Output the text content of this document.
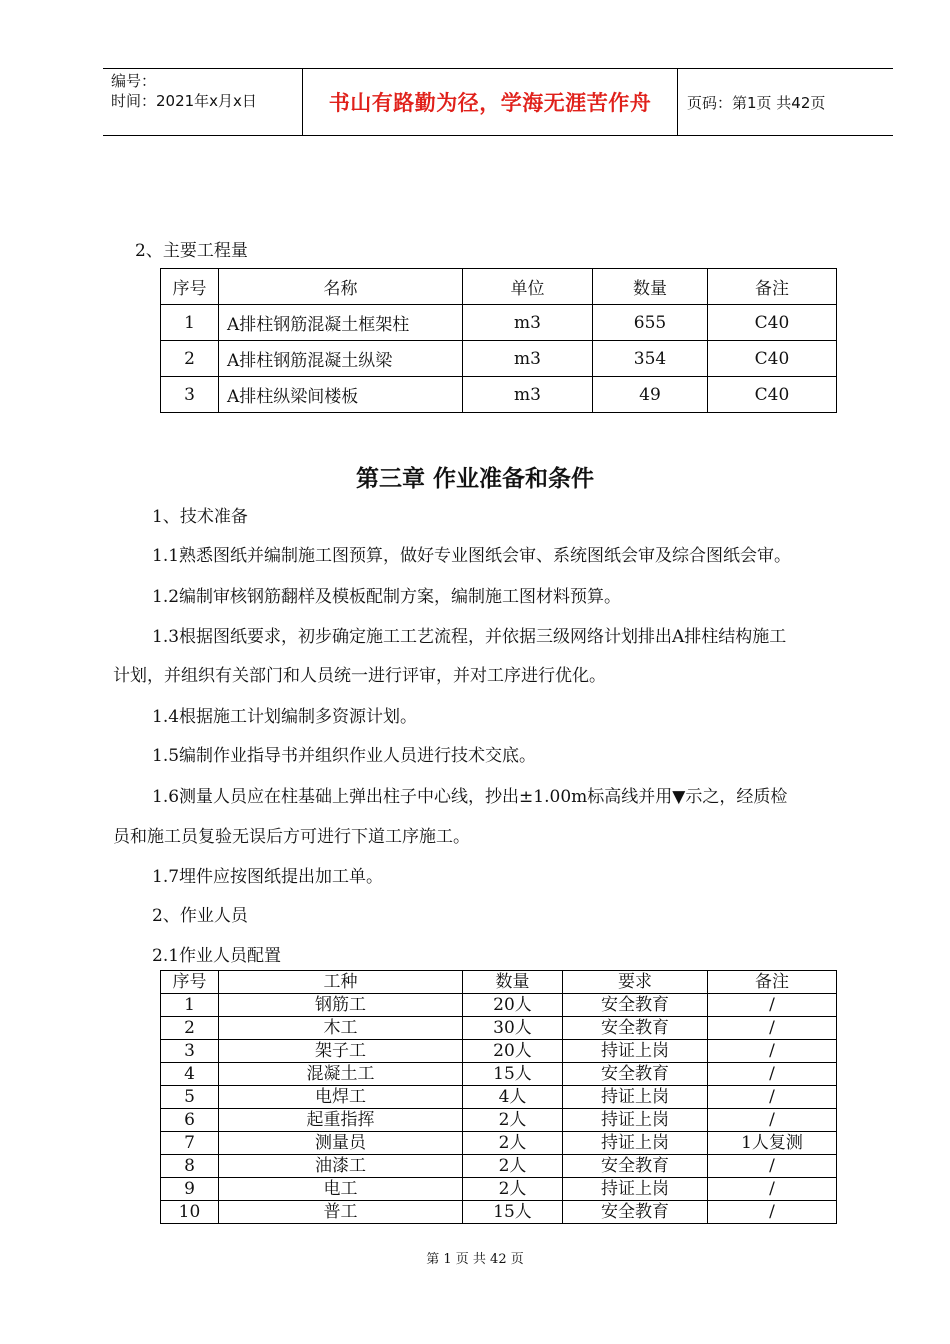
编号：
时间：2021年x月x日	书山有路勤为径，学海无涯苦作舟	页码：第1页 共42页
2、主要工程量
序号	名称	单位	数量	备注
1	A排柱钢筋混凝土框架柱	m3	655	C40
2	A排柱钢筋混凝土纵梁	m3	354	C40
3	A排柱纵梁间楼板	m3	49	C40
第三章 作业准备和条件
1、技术准备
1.1熟悉图纸并编制施工图预算，做好专业图纸会审、系统图纸会审及综合图纸会审。
1.2编制审核钢筋翻样及模板配制方案，编制施工图材料预算。
1.3根据图纸要求，初步确定施工工艺流程，并依据三级网络计划排出A排柱结构施工
计划，并组织有关部门和人员统一进行评审，并对工序进行优化。
1.4根据施工计划编制多资源计划。
1.5编制作业指导书并组织作业人员进行技术交底。
1.6测量人员应在柱基础上弹出柱子中心线，抄出±1.00m标高线并用▼示之，经质检
员和施工员复验无误后方可进行下道工序施工。
1.7埋件应按图纸提出加工单。
2、作业人员
2.1作业人员配置
序号	工种	数量	要求	备注
1	钢筋工	20人	安全教育	/
2	木工	30人	安全教育	/
3	架子工	20人	持证上岗	/
4	混凝土工	15人	安全教育	/
5	电焊工	4人	持证上岗	/
6	起重指挥	2人	持证上岗	/
7	测量员	2人	持证上岗	1人复测
8	油漆工	2人	安全教育	/
9	电工	2人	持证上岗	/
10	普工	15人	安全教育	/
第 1 页 共 42 页
